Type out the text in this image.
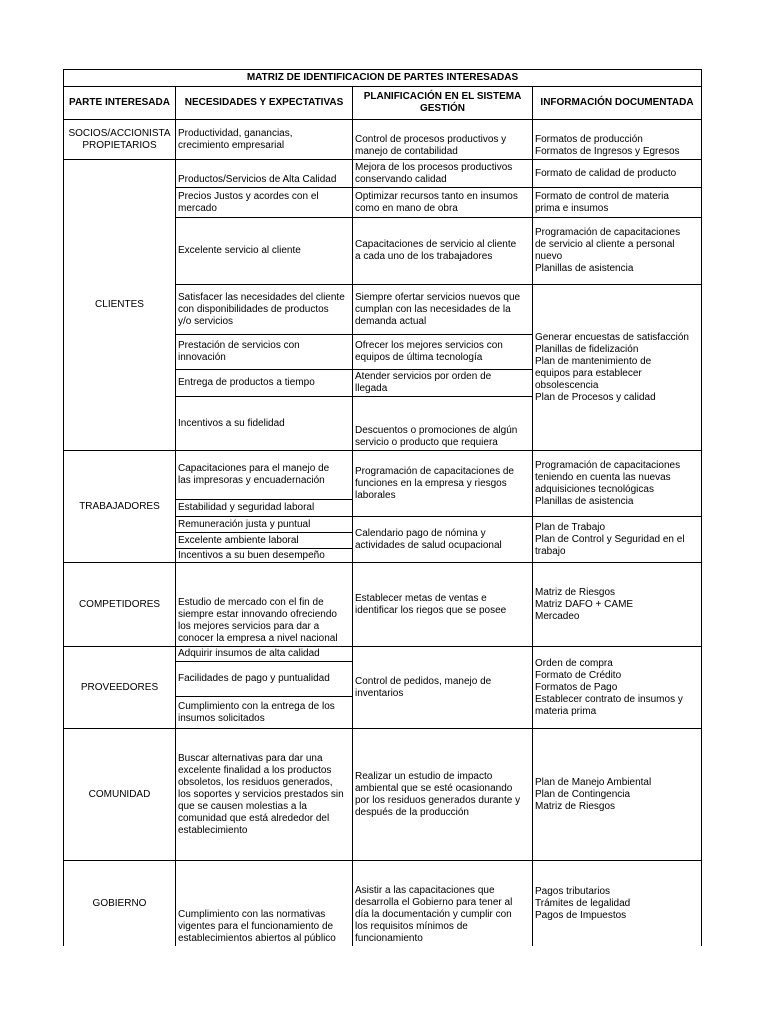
MATRIZ DE IDENTIFICACION DE PARTES INTERESADAS
PARTE INTERESADA NECESIDADES Y EXPECTATIVAS
PLANIFICACIÓN EN EL SISTEMA
GESTIÓN
INFORMACIÓN DOCUMENTADA
SOCIOS/ACCIONISTA
PROPIETARIOS
Productividad, ganancias,
crecimiento empresarial	Control de procesos productivos y
manejo de contabilidad
Formatos de producción
Formatos de Ingresos y Egresos
CLIENTES
Productos/Servicios de Alta Calidad
Precios Justos y acordes con el
mercado
Excelente servicio al cliente
Satisfacer las necesidades del cliente
con disponibilidades de productos
y/o servicios
Prestación de servicios con
innovación
Entrega de productos a tiempo
Incentivos a su fidelidad
Mejora de los procesos productivos
conservando calidad
Optimizar recursos tanto en insumos
como en mano de obra
Capacitaciones de servicio al cliente
a cada uno de los trabajadores
Siempre ofertar servicios nuevos que
cumplan con las necesidades de la
demanda actual
Ofrecer los mejores servicios con
equipos de última tecnología
Atender servicios por orden de
llegada
Descuentos o promociones de algún
servicio o producto que requiera
Formato de calidad de producto
Formato de control de materia
prima e insumos
Programación de capacitaciones
de servicio al cliente a personal
nuevo
Planillas de asistencia
Generar encuestas de satisfacción
Planillas de fidelización
Plan de mantenimiento de
equipos para establecer
obsolescencia
Plan de Procesos y calidad
TRABAJADORES
Capacitaciones para el manejo de
las impresoras y encuadernación
Estabilidad y seguridad laboral
Remuneración justa y puntual
Excelente ambiente laboral
Incentivos a su buen desempeño
Programación de capacitaciones de
funciones en la empresa y riesgos
laborales
Calendario pago de nómina y
actividades de salud ocupacional
Programación de capacitaciones
teniendo en cuenta las nuevas
adquisiciones tecnológicas
Planillas de asistencia
Plan de Trabajo
Plan de Control y Seguridad en el
trabajo
COMPETIDORES Estudio de mercado con el fin de
siempre estar innovando ofreciendo
los mejores servicios para dar a
conocer la empresa a nivel nacional
Establecer metas de ventas e
identificar los riegos que se posee
Matriz de Riesgos
Matriz DAFO + CAME
Mercadeo
PROVEEDORES
Adquirir insumos de alta calidad
Facilidades de pago y puntualidad
Cumplimiento con la entrega de los
insumos solicitados
Control de pedidos, manejo de
inventarios
Orden de compra
Formato de Crédito
Formatos de Pago
Establecer contrato de insumos y
materia prima
COMUNIDAD
Buscar alternativas para dar una
excelente finalidad a los productos
obsoletos, los residuos generados,
los soportes y servicios prestados sin
que se causen molestias a la
comunidad que está alrededor del
establecimiento
Realizar un estudio de impacto
ambiental que se esté ocasionando
por los residuos generados durante y
después de la producción
Plan de Manejo Ambiental
Plan de Contingencia
Matriz de Riesgos
GOBIERNO
Cumplimiento con las normativas
vigentes para el funcionamiento de
establecimientos abiertos al público
Asistir a las capacitaciones que
desarrolla el Gobierno para tener al
día la documentación y cumplir con
los requisitos mínimos de
funcionamiento
Pagos tributarios
Trámites de legalidad
Pagos de Impuestos
